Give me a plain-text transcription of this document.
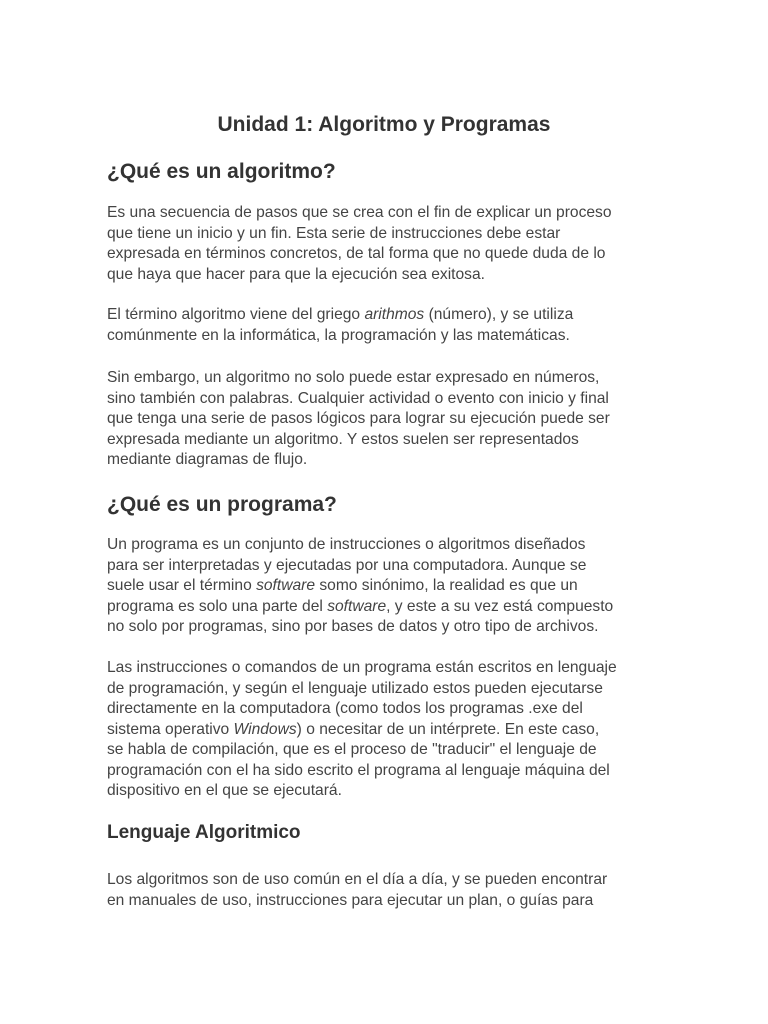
Unidad 1: Algoritmo y Programas
¿Qué es un algoritmo?

Es una secuencia de pasos que se crea con el fin de explicar un proceso
que tiene un inicio y un fin. Esta serie de instrucciones debe estar
expresada en términos concretos, de tal forma que no quede duda de lo
que haya que hacer para que la ejecución sea exitosa.

El término algoritmo viene del griego arithmos (número), y se utiliza
comúnmente en la informática, la programación y las matemáticas.

Sin embargo, un algoritmo no solo puede estar expresado en números,
sino también con palabras. Cualquier actividad o evento con inicio y final
que tenga una serie de pasos lógicos para lograr su ejecución puede ser
expresada mediante un algoritmo. Y estos suelen ser representados
mediante diagramas de flujo.

¿Qué es un programa?

Un programa es un conjunto de instrucciones o algoritmos diseñados
para ser interpretadas y ejecutadas por una computadora. Aunque se
suele usar el término software somo sinónimo, la realidad es que un
programa es solo una parte del software, y este a su vez está compuesto
no solo por programas, sino por bases de datos y otro tipo de archivos.

Las instrucciones o comandos de un programa están escritos en lenguaje
de programación, y según el lenguaje utilizado estos pueden ejecutarse
directamente en la computadora (como todos los programas .exe del
sistema operativo Windows) o necesitar de un intérprete. En este caso,
se habla de compilación, que es el proceso de "traducir" el lenguaje de
programación con el ha sido escrito el programa al lenguaje máquina del
dispositivo en el que se ejecutará.

Lenguaje Algoritmico

Los algoritmos son de uso común en el día a día, y se pueden encontrar
en manuales de uso, instrucciones para ejecutar un plan, o guías para
